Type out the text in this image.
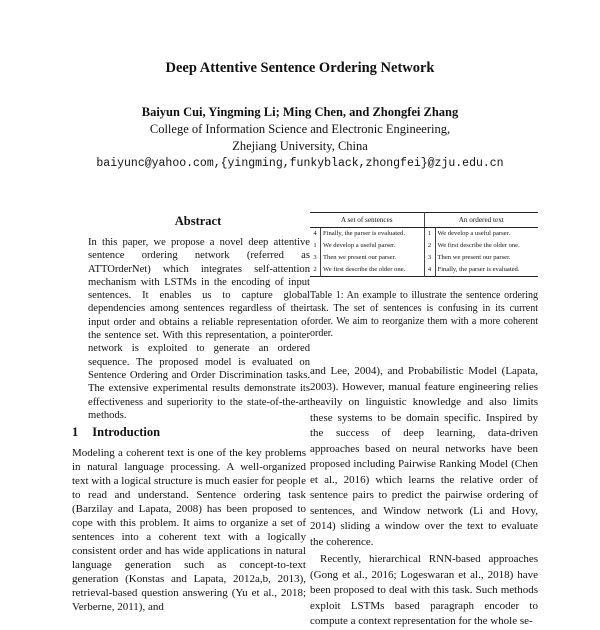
Deep Attentive Sentence Ordering Network
Baiyun Cui, Yingming Li; Ming Chen, and Zhongfei Zhang
College of Information Science and Electronic Engineering,
Zhejiang University, China
baiyunc@yahoo.com,{yingming,funkyblack,zhongfei}@zju.edu.cn
Abstract

In this paper, we propose a novel deep attentive sentence ordering network (referred as ATTOrderNet) which integrates self-attention mechanism with LSTMs in the encoding of input sentences. It enables us to capture global dependencies among sentences regardless of their input order and obtains a reliable representation of the sentence set. With this representation, a pointer network is exploited to generate an ordered sequence. The proposed model is evaluated on Sentence Ordering and Order Discrimination tasks. The extensive experimental results demonstrate its effectiveness and superiority to the state-of-the-art methods.

1 Introduction

Modeling a coherent text is one of the key problems in natural language processing. A well-organized text with a logical structure is much easier for people to read and understand. Sentence ordering task (Barzilay and Lapata, 2008) has been proposed to cope with this problem. It aims to organize a set of sentences into a coherent text with a logically consistent order and has wide applications in natural language generation such as concept-to-text generation (Konstas and Lapata, 2012a,b, 2013), retrieval-based question answering (Yu et al., 2018; Verberne, 2011), and

A set of sentences		An ordered text	
4	Finally, the parser is evaluated.	1	We develop a useful parser.
1	We develop a useful parser.	2	We first describe the older one.
3	Then we present our parser.	3	Then we present our parser.
2	We first describe the older one.	4	Finally, the parser is evaluated.
Table 1: An example to illustrate the sentence ordering task. The set of sentences is confusing in its current order. We aim to reorganize them with a more coherent order.

and Lee, 2004), and Probabilistic Model (Lapata, 2003). However, manual feature engineering relies heavily on linguistic knowledge and also limits these systems to be domain specific. Inspired by the success of deep learning, data-driven approaches based on neural networks have been proposed including Pairwise Ranking Model (Chen et al., 2016) which learns the relative order of sentence pairs to predict the pairwise ordering of sentences, and Window network (Li and Hovy, 2014) sliding a window over the text to evaluate the coherence.

Recently, hierarchical RNN-based approaches (Gong et al., 2016; Logeswaran et al., 2018) have been proposed to deal with this task. Such methods exploit LSTMs based paragraph encoder to compute a context representation for the whole se-
